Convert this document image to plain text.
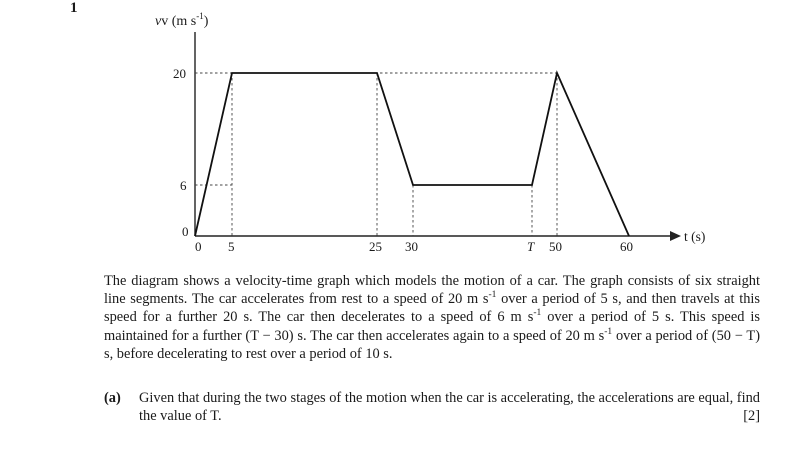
1
vv (m $s^{-1}$)
20
6
0
0 5	25 30	T 50	60
t (s)
The diagram shows a velocity-time graph which models the motion of a car. The graph consists of six straight line segments. The car accelerates from rest to a speed of 20 m $s^{-1}$ over a period of 5 s, and then travels at this speed for a further 20 s. The car then decelerates to a speed of 6 m $s^{-1}$ over a period of 5 s. This speed is maintained for a further (T − 30) s. The car then accelerates again to a speed of 20 m $s^{-1}$ over a period of (50 − T) s, before decelerating to rest over a period of 10 s.
(a) Given that during the two stages of the motion when the car is accelerating, the accelerations are equal, find the value of T.	[2]
